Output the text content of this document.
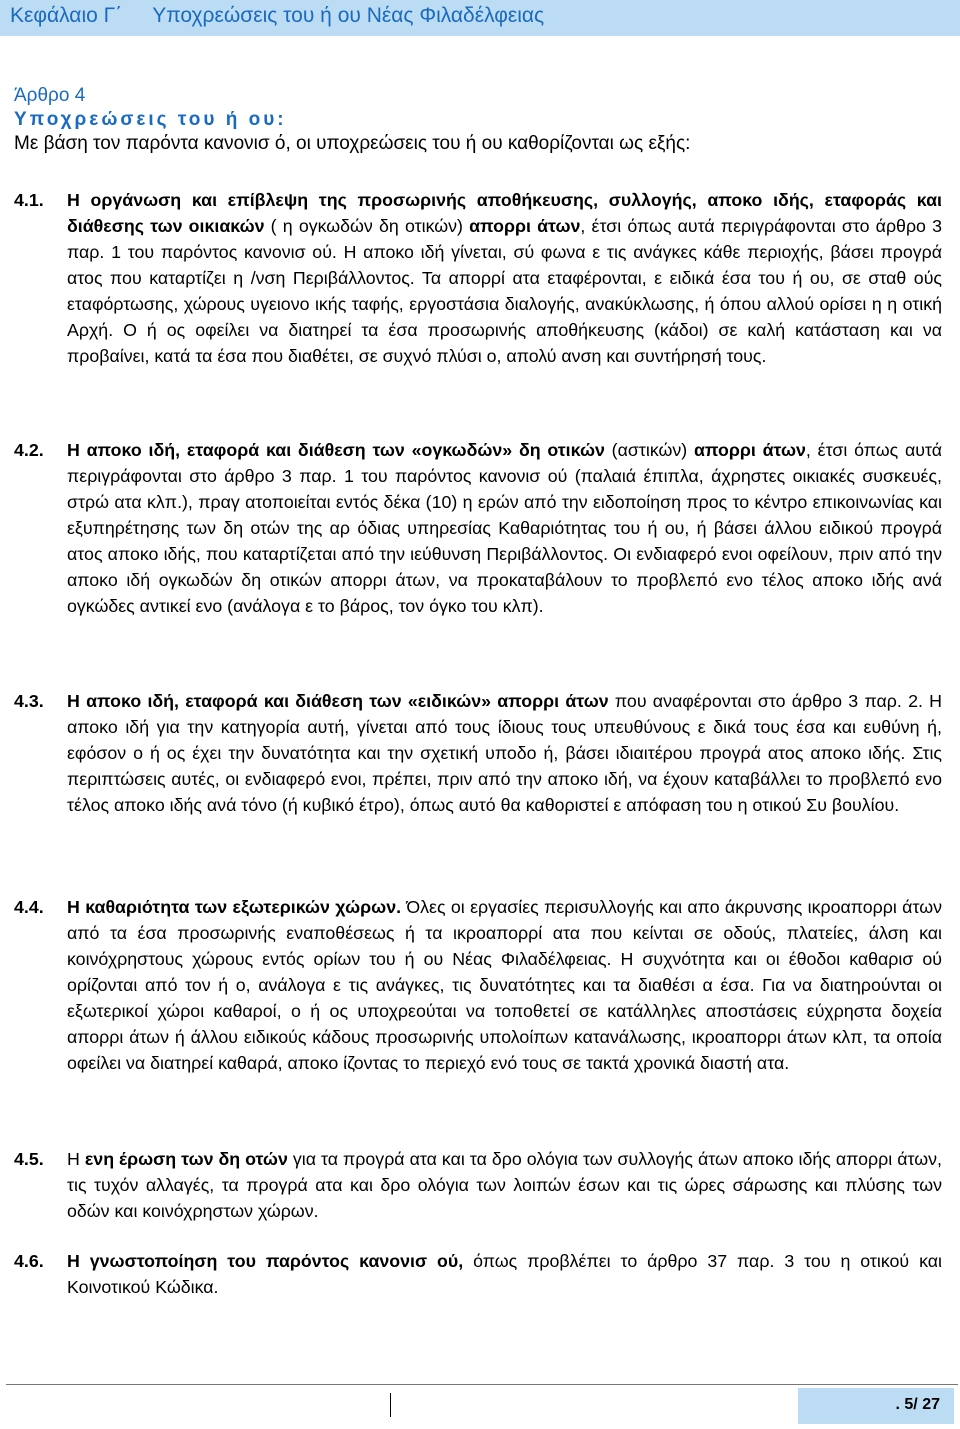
Κεφάλαιο Γ΄ Υποχρεώσεις του ή ου Νέας Φιλαδέλφειας
Άρθρο 4
Υποχρεώσεις του ή ου:
Με βάση τον παρόντα κανονισ ό, οι υποχρεώσεις του ή ου καθορίζονται ως εξής:
4.1. Η οργάνωση και επίβλεψη της προσωρινής αποθήκευσης, συλλογής, αποκο ιδής, εταφοράς και διάθεσης των οικιακών ( η ογκωδών δη οτικών) απορρι άτων, έτσι όπως αυτά περιγράφονται στο άρθρο 3 παρ. 1 του παρόντος κανονισ ού. Η αποκο ιδή γίνεται, σύ φωνα ε τις ανάγκες κάθε περιοχής, βάσει προγρά ατος που καταρτίζει η /νση Περιβάλλοντος. Τα απορρί ατα εταφέρονται, ε ειδικά έσα του ή ου, σε σταθ ούς εταφόρτωσης, χώρους υγειονο ικής ταφής, εργοστάσια διαλογής, ανακύκλωσης, ή όπου αλλού ορίσει η η οτική Αρχή. Ο ή ος οφείλει να διατηρεί τα έσα προσωρινής αποθήκευσης (κάδοι) σε καλή κατάσταση και να προβαίνει, κατά τα έσα που διαθέτει, σε συχνό πλύσι ο, απολύ ανση και συντήρησή τους.
4.2. Η αποκο ιδή, εταφορά και διάθεση των «ογκωδών» δη οτικών (αστικών) απορρι άτων, έτσι όπως αυτά περιγράφονται στο άρθρο 3 παρ. 1 του παρόντος κανονισ ού (παλαιά έπιπλα, άχρηστες οικιακές συσκευές, στρώ ατα κλπ.), πραγ ατοποιείται εντός δέκα (10) η ερών από την ειδοποίηση προς το κέντρο επικοινωνίας και εξυπηρέτησης των δη οτών της αρ όδιας υπηρεσίας Καθαριότητας του ή ου, ή βάσει άλλου ειδικού προγρά ατος αποκο ιδής, που καταρτίζεται από την ιεύθυνση Περιβάλλοντος. Οι ενδιαφερό ενοι οφείλουν, πριν από την αποκο ιδή ογκωδών δη οτικών απορρι άτων, να προκαταβάλουν το προβλεπό ενο τέλος αποκο ιδής ανά ογκώδες αντικεί ενο (ανάλογα ε το βάρος, τον όγκο του κλπ).
4.3. Η αποκο ιδή, εταφορά και διάθεση των «ειδικών» απορρι άτων που αναφέρονται στο άρθρο 3 παρ. 2. Η αποκο ιδή για την κατηγορία αυτή, γίνεται από τους ίδιους τους υπευθύνους ε δικά τους έσα και ευθύνη ή, εφόσον ο ή ος έχει την δυνατότητα και την σχετική υποδο ή, βάσει ιδιαιτέρου προγρά ατος αποκο ιδής. Στις περιπτώσεις αυτές, οι ενδιαφερό ενοι, πρέπει, πριν από την αποκο ιδή, να έχουν καταβάλλει το προβλεπό ενο τέλος αποκο ιδής ανά τόνο (ή κυβικό έτρο), όπως αυτό θα καθοριστεί ε απόφαση του η οτικού Συ βουλίου.
4.4. Η καθαριότητα των εξωτερικών χώρων. Όλες οι εργασίες περισυλλογής και απο άκρυνσης ικροαπορρι άτων από τα έσα προσωρινής εναποθέσεως ή τα ικροαπορρί ατα που κείνται σε οδούς, πλατείες, άλση και κοινόχρηστους χώρους εντός ορίων του ή ου Νέας Φιλαδέλφειας. Η συχνότητα και οι έθοδοι καθαρισ ού ορίζονται από τον ή ο, ανάλογα ε τις ανάγκες, τις δυνατότητες και τα διαθέσι α έσα. Για να διατηρούνται οι εξωτερικοί χώροι καθαροί, ο ή ος υποχρεούται να τοποθετεί σε κατάλληλες αποστάσεις εύχρηστα δοχεία απορρι άτων ή άλλου ειδικούς κάδους προσωρινής υπολοίπων κατανάλωσης, ικροαπορρι άτων κλπ, τα οποία οφείλει να διατηρεί καθαρά, αποκο ίζοντας το περιεχό ενό τους σε τακτά χρονικά διαστή ατα.
4.5. Η ενη έρωση των δη οτών για τα προγρά ατα και τα δρο ολόγια των συλλογής άτων αποκο ιδής απορρι άτων, τις τυχόν αλλαγές, τα προγρά ατα και δρο ολόγια των λοιπών έσων και τις ώρες σάρωσης και πλύσης των οδών και κοινόχρηστων χώρων.
4.6. Η γνωστοποίηση του παρόντος κανονισ ού, όπως προβλέπει το άρθρο 37 παρ. 3 του η οτικού και Κοινοτικού Κώδικα.
. 5/ 27
